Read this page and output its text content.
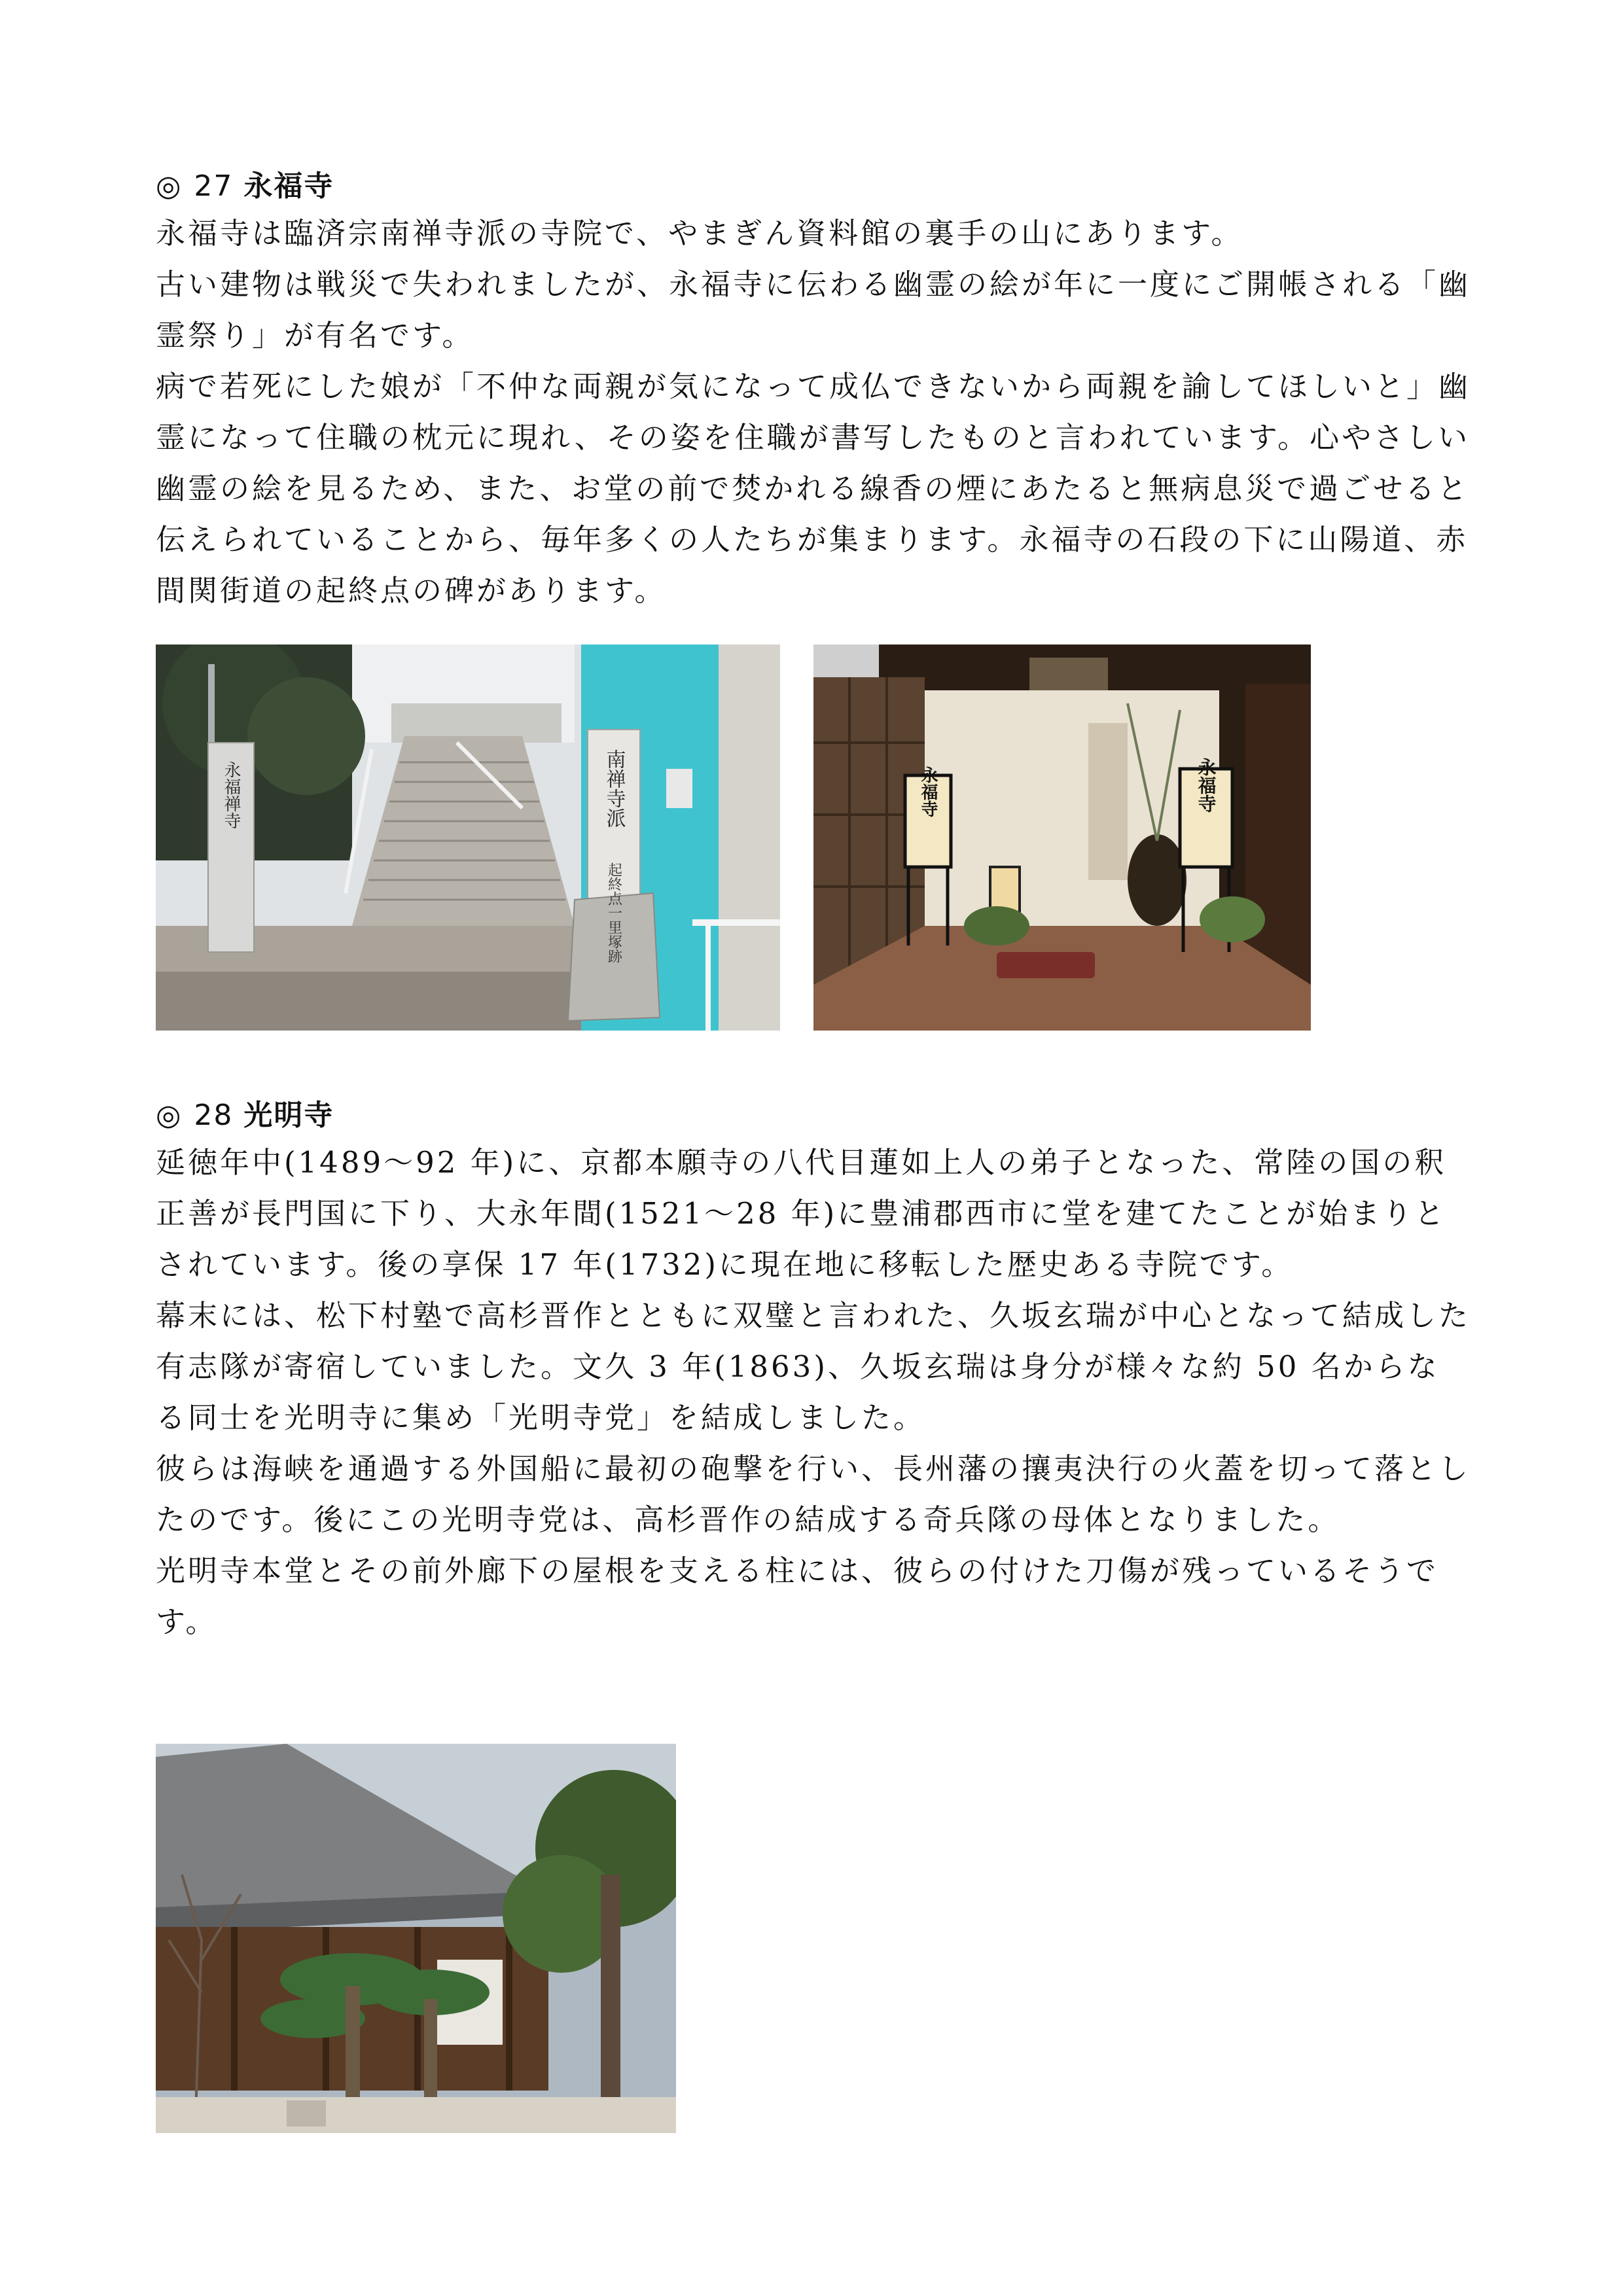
◎ 27 永福寺

永福寺は臨済宗南禅寺派の寺院で、やまぎん資料館の裏手の山にあります。

古い建物は戦災で失われましたが、永福寺に伝わる幽霊の絵が年に一度にご開帳される「幽霊祭り」が有名です。

病で若死にした娘が「不仲な両親が気になって成仏できないから両親を諭してほしいと」幽霊になって住職の枕元に現れ、その姿を住職が書写したものと言われています。心やさしい幽霊の絵を見るため、また、お堂の前で焚かれる線香の煙にあたると無病息災で過ごせると伝えられていることから、毎年多くの人たちが集まります。永福寺の石段の下に山陽道、赤間関街道の起終点の碑があります。

永福禅寺	南禅寺派
起終点一里塚跡
永福寺	永福寺
◎ 28 光明寺

延徳年中(1489～92 年)に、京都本願寺の八代目蓮如上人の弟子となった、常陸の国の釈正善が長門国に下り、大永年間(1521～28 年)に豊浦郡西市に堂を建てたことが始まりとされています。後の享保 17 年(1732)に現在地に移転した歴史ある寺院です。

幕末には、松下村塾で高杉晋作とともに双璧と言われた、久坂玄瑞が中心となって結成した有志隊が寄宿していました。文久 3 年(1863)、久坂玄瑞は身分が様々な約 50 名からなる同士を光明寺に集め「光明寺党」を結成しました。

彼らは海峡を通過する外国船に最初の砲撃を行い、長州藩の攘夷決行の火蓋を切って落としたのです。後にこの光明寺党は、高杉晋作の結成する奇兵隊の母体となりました。

光明寺本堂とその前外廊下の屋根を支える柱には、彼らの付けた刀傷が残っているそうです。
